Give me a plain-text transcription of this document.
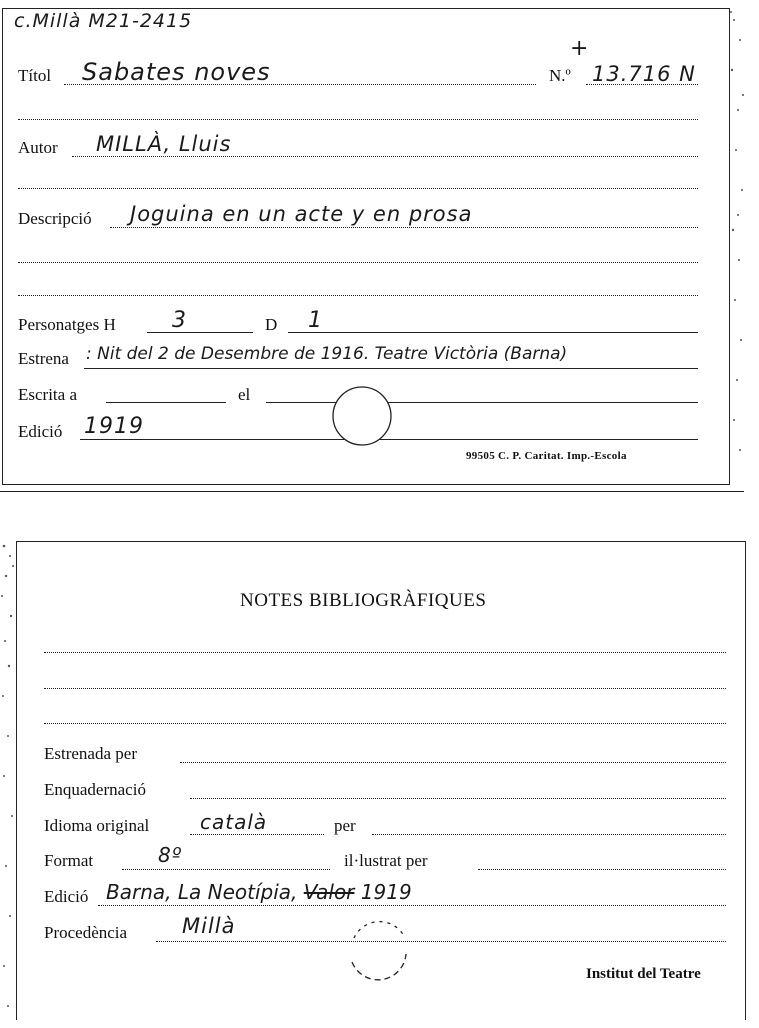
c.Millà M21-2415
Títol Sabates noves	N.º 13.716 N
+
Autor MILLÀ, Lluis
Descripció Joguina en un acte y en prosa
Personatges H	3	D 1
Estrena : Nit del 2 de Desembre de 1916. Teatre Victòria (Barna)
Escrita a	el
Edició 1919
99505 C. P. Caritat. Imp.-Escola
NOTES BIBLIOGRÀFIQUES
Estrenada per
Enquadernació
Idioma original	català	per
Format	8º	il·lustrat per
Edició Barna, La Neotípia, Valor 1919
Procedència	Millà
Institut del Teatre
